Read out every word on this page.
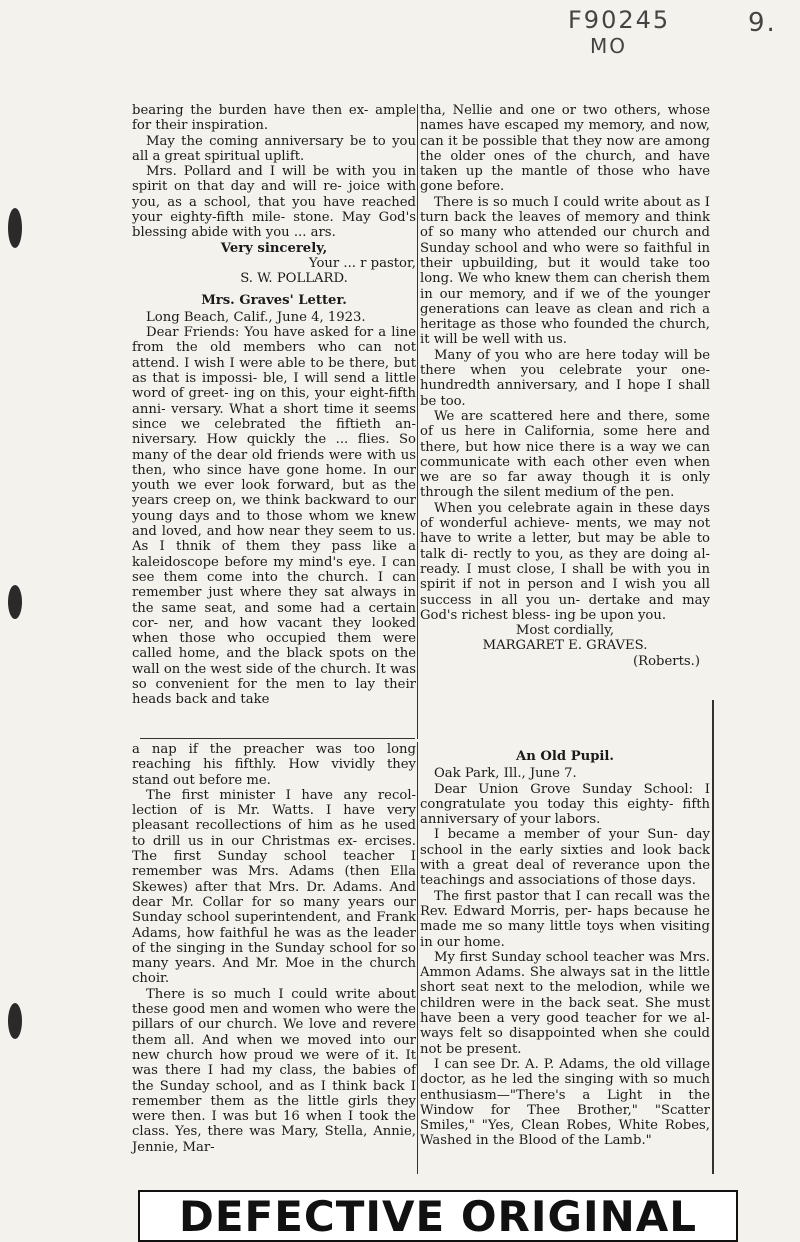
F90245
MO
9.

bearing the burden have then ex- ample for their inspiration.

May the coming anniversary be to you all a great spiritual uplift.

Mrs. Pollard and I will be with you in spirit on that day and will re- joice with you, as a school, that you have reached your eighty-fifth mile- stone. May God's blessing abide with you ... ars.

Very sincerely,

Your ... r pastor,

S. W. POLLARD.

Mrs. Graves' Letter.

Long Beach, Calif., June 4, 1923.

Dear Friends: You have asked for a line from the old members who can not attend. I wish I were able to be there, but as that is impossi- ble, I will send a little word of greet- ing on this, your eight-fifth anni- versary. What a short time it seems since we celebrated the fiftieth an- niversary. How quickly the ... flies. So many of the dear old friends were with us then, who since have gone home. In our youth we ever look forward, but as the years creep on, we think backward to our young days and to those whom we knew and loved, and how near they seem to us. As I thnik of them they pass like a kaleidoscope before my mind's eye. I can see them come into the church. I can remember just where they sat always in the same seat, and some had a certain cor- ner, and how vacant they looked when those who occupied them were called home, and the black spots on the wall on the west side of the church. It was so convenient for the men to lay their heads back and take

tha, Nellie and one or two others, whose names have escaped my memory, and now, can it be possible that they now are among the older ones of the church, and have taken up the mantle of those who have gone before.

There is so much I could write about as I turn back the leaves of memory and think of so many who attended our church and Sunday school and who were so faithful in their upbuilding, but it would take too long. We who knew them can cherish them in our memory, and if we of the younger generations can leave as clean and rich a heritage as those who founded the church, it will be well with us.

Many of you who are here today will be there when you celebrate your one-hundredth anniversary, and I hope I shall be too.

We are scattered here and there, some of us here in California, some here and there, but how nice there is a way we can communicate with each other even when we are so far away though it is only through the silent medium of the pen.

When you celebrate again in these days of wonderful achieve- ments, we may not have to write a letter, but may be able to talk di- rectly to you, as they are doing al- ready. I must close, I shall be with you in spirit if not in person and I wish you all success in all you un- dertake and may God's richest bless- ing be upon you.

Most cordially,

MARGARET E. GRAVES.

(Roberts.)

a nap if the preacher was too long reaching his fifthly. How vividly they stand out before me.

The first minister I have any recol- lection of is Mr. Watts. I have very pleasant recollections of him as he used to drill us in our Christmas ex- ercises. The first Sunday school teacher I remember was Mrs. Adams (then Ella Skewes) after that Mrs. Dr. Adams. And dear Mr. Collar for so many years our Sunday school superintendent, and Frank Adams, how faithful he was as the leader of the singing in the Sunday school for so many years. And Mr. Moe in the church choir.

There is so much I could write about these good men and women who were the pillars of our church. We love and revere them all. And when we moved into our new church how proud we were of it. It was there I had my class, the babies of the Sunday school, and as I think back I remember them as the little girls they were then. I was but 16 when I took the class. Yes, there was Mary, Stella, Annie, Jennie, Mar-

An Old Pupil.

Oak Park, Ill., June 7.

Dear Union Grove Sunday School: I congratulate you today this eighty- fifth anniversary of your labors.

I became a member of your Sun- day school in the early sixties and look back with a great deal of reverance upon the teachings and associations of those days.

The first pastor that I can recall was the Rev. Edward Morris, per- haps because he made me so many little toys when visiting in our home.

My first Sunday school teacher was Mrs. Ammon Adams. She always sat in the little short seat next to the melodion, while we children were in the back seat. She must have been a very good teacher for we al- ways felt so disappointed when she could not be present.

I can see Dr. A. P. Adams, the old village doctor, as he led the singing with so much enthusiasm—"There's a Light in the Window for Thee Brother," "Scatter Smiles," "Yes, Clean Robes, White Robes, Washed in the Blood of the Lamb."

DEFECTIVE ORIGINAL
